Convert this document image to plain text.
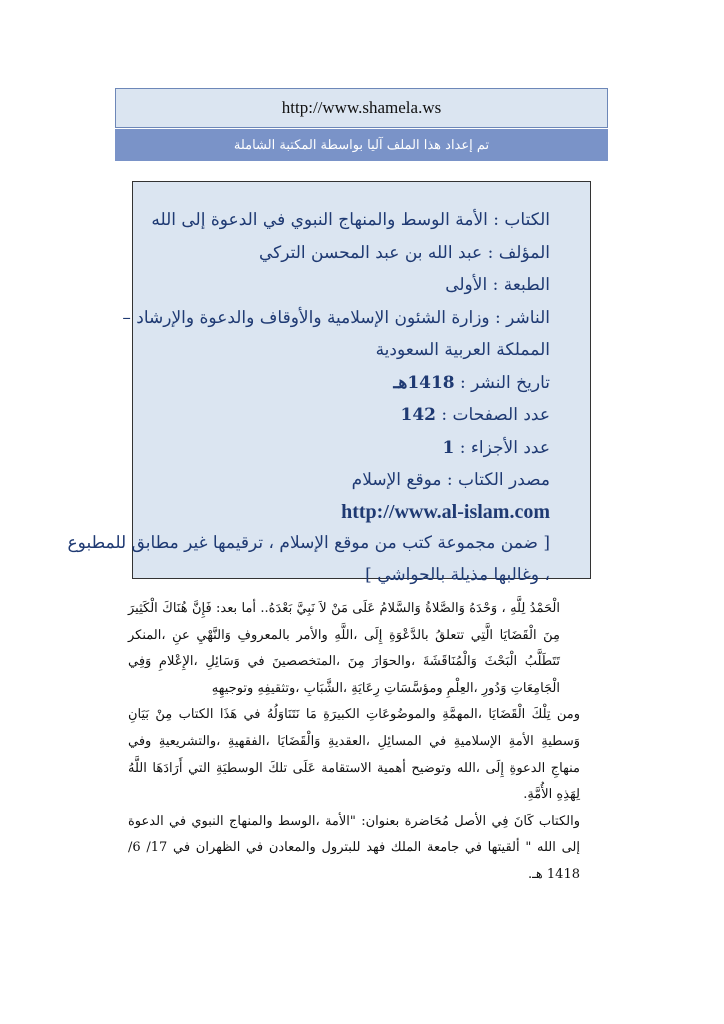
http://www.shamela.ws
تم إعداد هذا الملف آليا بواسطة المكتبة الشاملة
الكتاب : الأمة الوسط والمنهاج النبوي في الدعوة إلى الله
المؤلف : عبد الله بن عبد المحسن التركي
الطبعة : الأولى
الناشر : وزارة الشئون الإسلامية والأوقاف والدعوة والإرشاد –
المملكة العربية السعودية
تاريخ النشر : 1418هـ
عدد الصفحات : 142
عدد الأجزاء : 1
مصدر الكتاب : موقع الإسلام
http://www.al-islam.com
[ ضمن مجموعة كتب من موقع الإسلام ، ترقيمها غير مطابق للمطبوع
، وغالبها مذيلة بالحواشي ]

الْحَمْدُ لِلَّهِ ، وَحْدَهُ وَالصَّلاةُ وَالسَّلامُ عَلَى مَنْ لاَ نَبِيَّ بَعْدَهُ.. أما بعد: فَإِنَّ هُنَاكَ الْكَثِيرَ مِنَ الْقَضَايَا الَّتِي تتعلقُ بالدَّعْوَةِ إِلَى ،اللَّهِ والأمر بالمعروفِ وَالنَّهْيِ عنِ ،المنكر تَتَطَلَّبُ الْبَحْثَ وَالْمُنَاقَشَةَ ،والحوَارَ مِنَ ،المتخصصينَ في وَسَائِلِ ،الإِعْلامِ وَفِي الْجَامِعَاتِ وَدُورِ ،العِلْمِ ومؤسَّسَاتِ رِعَايَةِ ،الشَّبَابِ ،وتثقيفِهِ وتوجيهِهِ

ومن تِلْكَ الْقَضَايَا ،المهمَّةِ والموضُوعَاتِ الكبيرَةِ مَا نَتَنَاوَلُهُ في هَذَا الكتاب مِنْ بَيَانِ وَسطيةِ الأمةِ الإسلاميةِ في المسائِلِ ،العقديةِ وَالْقَضَايَا ،الفقهيةِ ،والتشريعيةِ وفي منهاجِ الدعوةِ إِلَى ،الله وتوضيح أهمية الاستقامة عَلَى تلكَ الوسطيَةِ التي أَرَادَهَا اللَّهُ لِهَذِهِ الأُمَّةِ.

والكتاب كَانَ فِي الأصل مُحَاضرة بعنوان: "الأمة ،الوسط والمنهاج النبوي في الدعوة إلى الله " ألقيتها في جامعة الملك فهد للبترول والمعادن في الظهران في 17/ 6/ 1418 هـ.
